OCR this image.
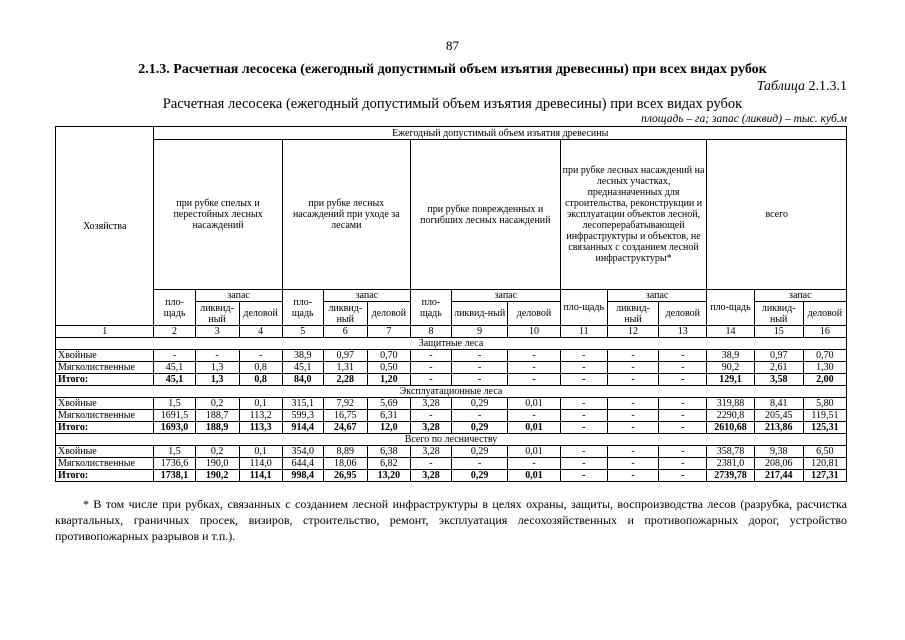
87
2.1.3. Расчетная лесосека (ежегодный допустимый объем изъятия древесины) при всех видах рубок
Таблица 2.1.3.1
Расчетная лесосека (ежегодный допустимый объем изъятия древесины) при всех видах рубок
площадь – га; запас (ликвид) – тыс. куб.м
Хозяйства	Ежегодный допустимый объем изъятия древесины														
	при рубке спелых и перестойных лесных насаждений			при рубке лесных насаждений при уходе за лесами			при рубке поврежденных и погибших лесных насаждений			при рубке лесных насаждений на лесных участках, предназначенных для строительства, реконструкции и эксплуатации объектов лесной, лесоперерабатывающей инфраструктуры и объектов, не связанных с созданием лесной инфраструктуры*			всего		
	пло-щадь	запас		пло-щадь	запас		пло-щадь	запас		пло-щадь	запас		пло-щадь	запас	
		ликвид-ный	деловой		ликвид-ный	деловой		ликвид-ный	деловой		ликвид-ный	деловой		ликвид-ный	деловой
1	2	3	4	5	6	7	8	9	10	11	12	13	14	15	16
Защитные леса															
Хвойные	-	-	-	38,9	0,97	0,70	-	-	-	-	-	-	38,9	0,97	0,70
Мягколиственные	45,1	1,3	0,8	45,1	1,31	0,50	-	-	-	-	-	-	90,2	2,61	1,30
Итого:	45,1	1,3	0,8	84,0	2,28	1,20	-	-	-	-	-	-	129,1	3,58	2,00
Эксплуатационные леса															
Хвойные	1,5	0,2	0,1	315,1	7,92	5,69	3,28	0,29	0,01	-	-	-	319,88	8,41	5,80
Мягколиственные	1691,5	188,7	113,2	599,3	16,75	6,31	-	-	-	-	-	-	2290,8	205,45	119,51
Итого:	1693,0	188,9	113,3	914,4	24,67	12,0	3,28	0,29	0,01	-	-	-	2610,68	213,86	125,31
Всего по лесничеству															
Хвойные	1,5	0,2	0,1	354,0	8,89	6,38	3,28	0,29	0,01	-	-	-	358,78	9,38	6,50
Мягколиственные	1736,6	190,0	114,0	644,4	18,06	6,82	-	-	-	-	-	-	2381,0	208,06	120,81
Итого:	1738,1	190,2	114,1	998,4	26,95	13,20	3,28	0,29	0,01	-	-	-	2739,78	217,44	127,31
* В том числе при рубках, связанных с созданием лесной инфраструктуры в целях охраны, защиты, воспроизводства лесов (разрубка, расчистка квартальных, граничных просек, визиров, строительство, ремонт, эксплуатация лесохозяйственных и противопожарных дорог, устройство противопожарных разрывов и т.п.).
